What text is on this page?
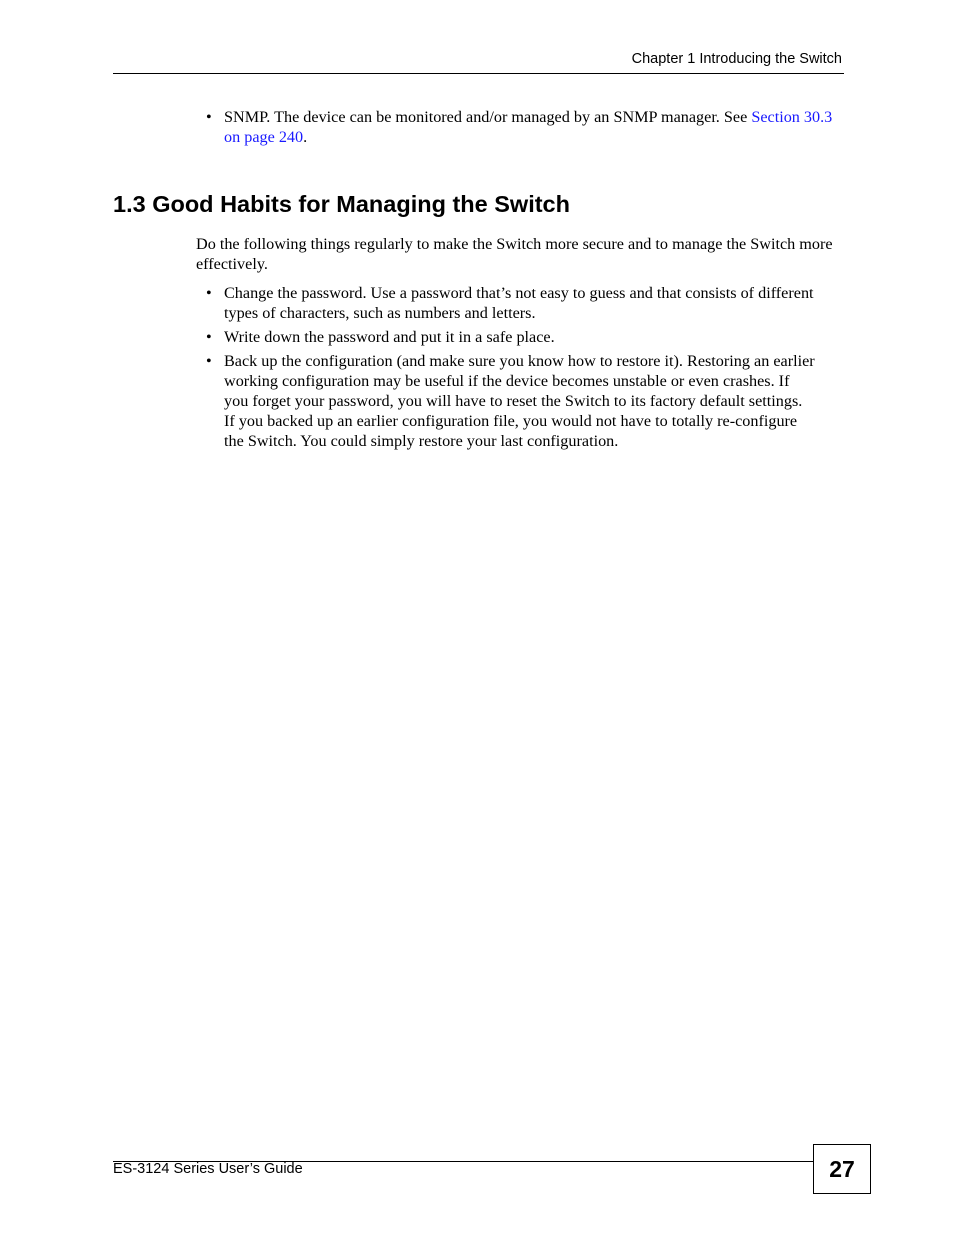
Chapter 1 Introducing the Switch
• SNMP. The device can be monitored and/or managed by an SNMP manager. See Section 30.3 on page 240.
1.3 Good Habits for Managing the Switch

Do the following things regularly to make the Switch more secure and to manage the Switch more effectively.

• Change the password. Use a password that’s not easy to guess and that consists of different types of characters, such as numbers and letters.
• Write down the password and put it in a safe place.
• Back up the configuration (and make sure you know how to restore it). Restoring an earlier working configuration may be useful if the device becomes unstable or even crashes. If you forget your password, you will have to reset the Switch to its factory default settings. If you backed up an earlier configuration file, you would not have to totally re-configure the Switch. You could simply restore your last configuration.
ES-3124 Series User’s Guide	27
